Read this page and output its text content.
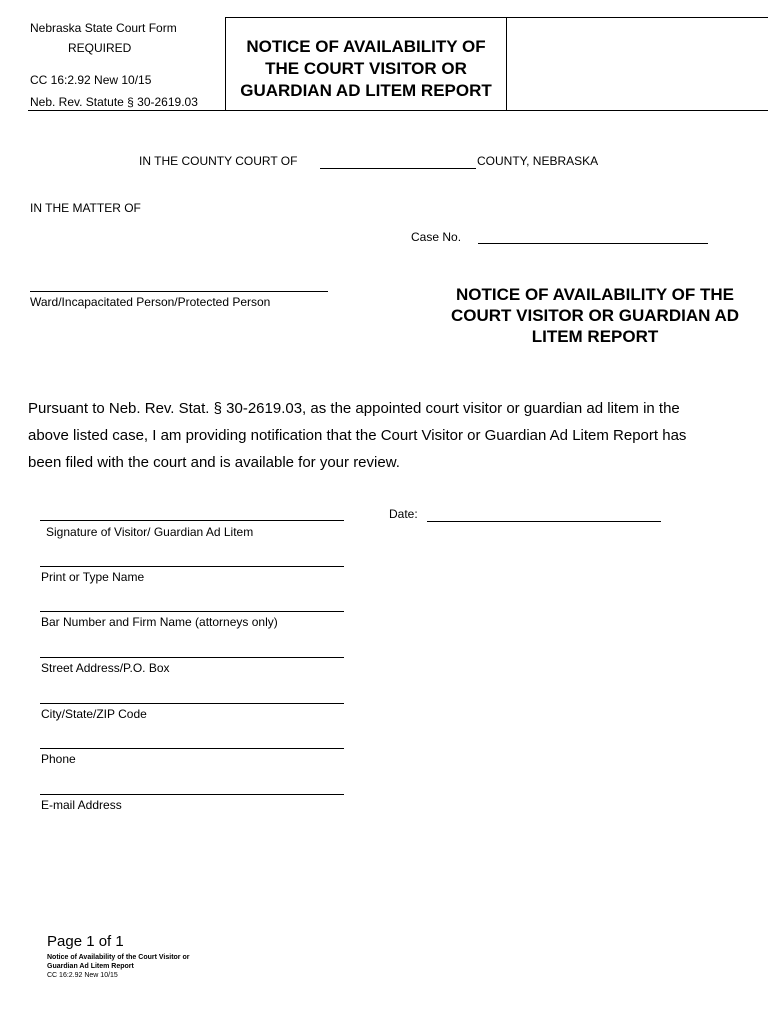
Nebraska State Court Form
REQUIRED
CC 16:2.92 New 10/15
Neb. Rev. Statute § 30-2619.03
NOTICE OF AVAILABILITY OF
THE COURT VISITOR OR
GUARDIAN AD LITEM REPORT
IN THE COUNTY COURT OF	COUNTY, NEBRASKA
IN THE MATTER OF
Case No.
Ward/Incapacitated Person/Protected Person	NOTICE OF AVAILABILITY OF THE
COURT VISITOR OR GUARDIAN AD
LITEM REPORT
Pursuant to Neb. Rev. Stat. § 30-2619.03, as the appointed court visitor or guardian ad litem in the
above listed case, I am providing notification that the Court Visitor or Guardian Ad Litem Report has
been filed with the court and is available for your review.
Date:
Signature of Visitor/ Guardian Ad Litem
Print or Type Name
Bar Number and Firm Name (attorneys only)
Street Address/P.O. Box
City/State/ZIP Code
Phone
E-mail Address
Page 1 of 1
Notice of Availability of the Court Visitor or
Guardian Ad Litem Report
CC 16:2.92 New 10/15
